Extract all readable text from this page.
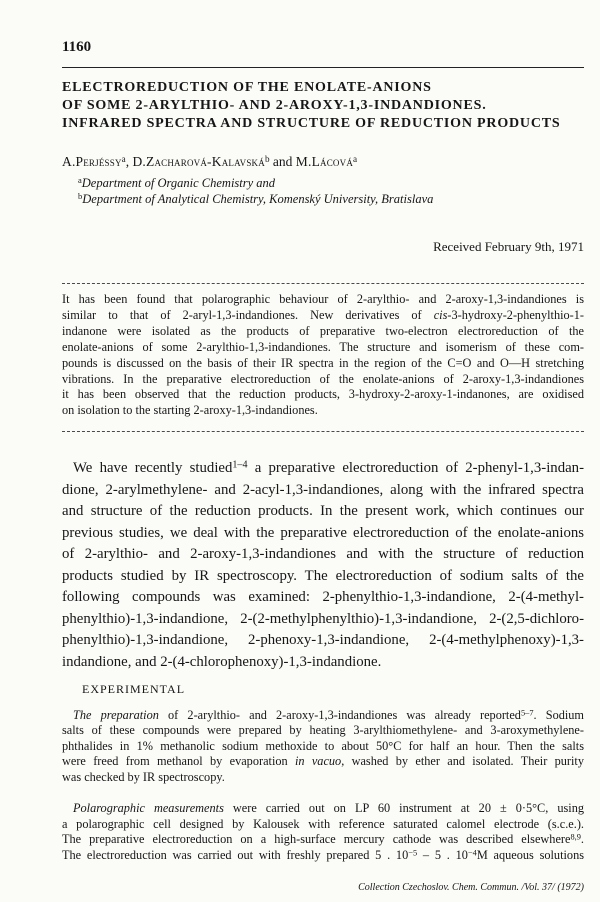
1160
ELECTROREDUCTION OF THE ENOLATE-ANIONS
OF SOME 2-ARYLTHIO- AND 2-AROXY-1,3-INDANDIONES.
INFRARED SPECTRA AND STRUCTURE OF REDUCTION PRODUCTS
A.Perjéssy$^a$, D.Zacharová-Kalavská$^b$ and M.Lácová$^a$
$^a$Department of Organic Chemistry and
$^b$Department of Analytical Chemistry, Komenský University, Bratislava
Received February 9th, 1971
It has been found that polarographic behaviour of 2-arylthio- and 2-aroxy-1,3-indandiones is
similar to that of 2-aryl-1,3-indandiones. New derivatives of cis-3-hydroxy-2-phenylthio-1-
indanone were isolated as the products of preparative two-electron electroreduction of the
enolate-anions of some 2-arylthio-1,3-indandiones. The structure and isomerism of these com-
pounds is discussed on the basis of their IR spectra in the region of the C=O and O—H stretching
vibrations. In the preparative electroreduction of the enolate-anions of 2-aroxy-1,3-indandiones
it has been observed that the reduction products, 3-hydroxy-2-aroxy-1-indanones, are oxidised
on isolation to the starting 2-aroxy-1,3-indandiones.
We have recently studied$^{1-4}$ a preparative electroreduction of 2-phenyl-1,3-indan-
dione, 2-arylmethylene- and 2-acyl-1,3-indandiones, along with the infrared spectra
and structure of the reduction products. In the present work, which continues our
previous studies, we deal with the preparative electroreduction of the enolate-anions
of 2-arylthio- and 2-aroxy-1,3-indandiones and with the structure of reduction
products studied by IR spectroscopy. The electroreduction of sodium salts of the
following compounds was examined: 2-phenylthio-1,3-indandione, 2-(4-methyl-
phenylthio)-1,3-indandione, 2-(2-methylphenylthio)-1,3-indandione, 2-(2,5-dichloro-
phenylthio)-1,3-indandione, 2-phenoxy-1,3-indandione, 2-(4-methylphenoxy)-1,3-
indandione, and 2-(4-chlorophenoxy)-1,3-indandione.
EXPERIMENTAL
The preparation of 2-arylthio- and 2-aroxy-1,3-indandiones was already reported$^{5-7}$. Sodium
salts of these compounds were prepared by heating 3-arylthiomethylene- and 3-aroxymethylene-
phthalides in 1% methanolic sodium methoxide to about 50°C for half an hour. Then the salts
were freed from methanol by evaporation in vacuo, washed by ether and isolated. Their purity
was checked by IR spectroscopy.
Polarographic measurements were carried out on LP 60 instrument at 20 ± 0·5°C, using
a polarographic cell designed by Kalousek with reference saturated calomel electrode (s.c.e.).
The preparative electroreduction on a high-surface mercury cathode was described elsewhere$^{8,9}$.
The electroreduction was carried out with freshly prepared 5 . $10^{-5} - 5$ . $10^{-4}M$ aqueous solutions
Collection Czechoslov. Chem. Commun. /Vol. 37/ (1972)
